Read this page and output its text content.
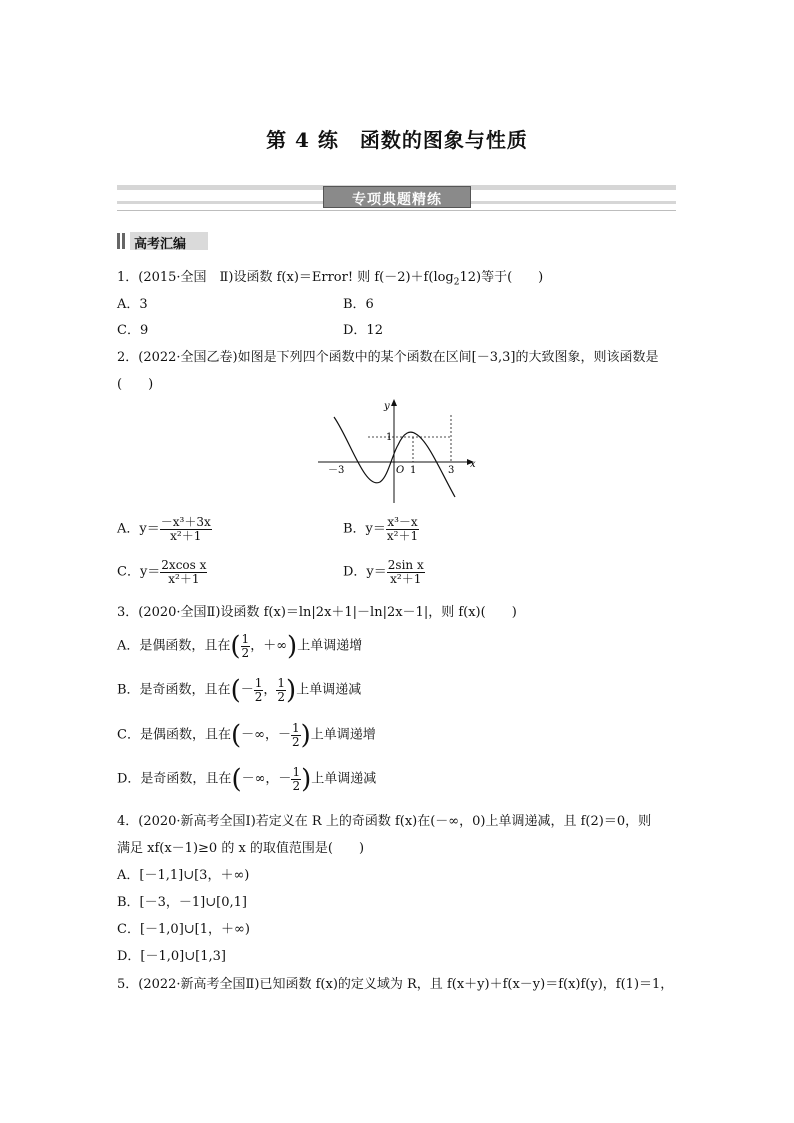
第 4 练　函数的图象与性质
专项典题精练
高考汇编
1．(2015·全国　Ⅱ)设函数 f(x)＝Error! 则 $f(-2)+f(\log_212)$等于(　　)
A．3	B．6
C．9	D．12
2．(2022·全国乙卷)如图是下列四个函数中的某个函数在区间[－3,3]的大致图象，则该函数是
(　　)
－3	1	3
1
O
x
y
A．$y= \frac{\text{－x³＋3x}}{\text{x²＋1}}$	B．$y= \frac{\text{x³－x}}{\text{x²＋1}}$
C．$y= \frac{\text{2xcos x}}{\text{x²＋1}}$	D．$y= \frac{\text{2sin x}}{\text{x²＋1}}$
3．(2020·全国Ⅱ)设函数 f(x)＝ln|2x＋1|－ln|2x－1|，则 f(x)(　　)
A．是偶函数，且在( $\frac{1}{2}$ ，＋∞)上单调递增
B．是奇函数，且在(－ $\frac{1}{2}$ ， $\frac{1}{2}$ )上单调递减
C．是偶函数，且在(－∞，－ $\frac{1}{2}$ )上单调递增
D．是奇函数，且在(－∞，－ $\frac{1}{2}$ )上单调递减
4．(2020·新高考全国Ⅰ)若定义在 R 上的奇函数 f(x)在(－∞，0)上单调递减，且 f(2)＝0，则
满足 xf(x－1)≥0 的 x 的取值范围是(　　)
A．[－1,1]∪[3，＋∞)
B．[－3，－1]∪[0,1]
C．[－1,0]∪[1，＋∞)
D．[－1,0]∪[1,3]
5．(2022·新高考全国Ⅱ)已知函数 f(x)的定义域为 R，且 f(x＋y)＋f(x－y)＝f(x)f(y)，f(1)＝1，
